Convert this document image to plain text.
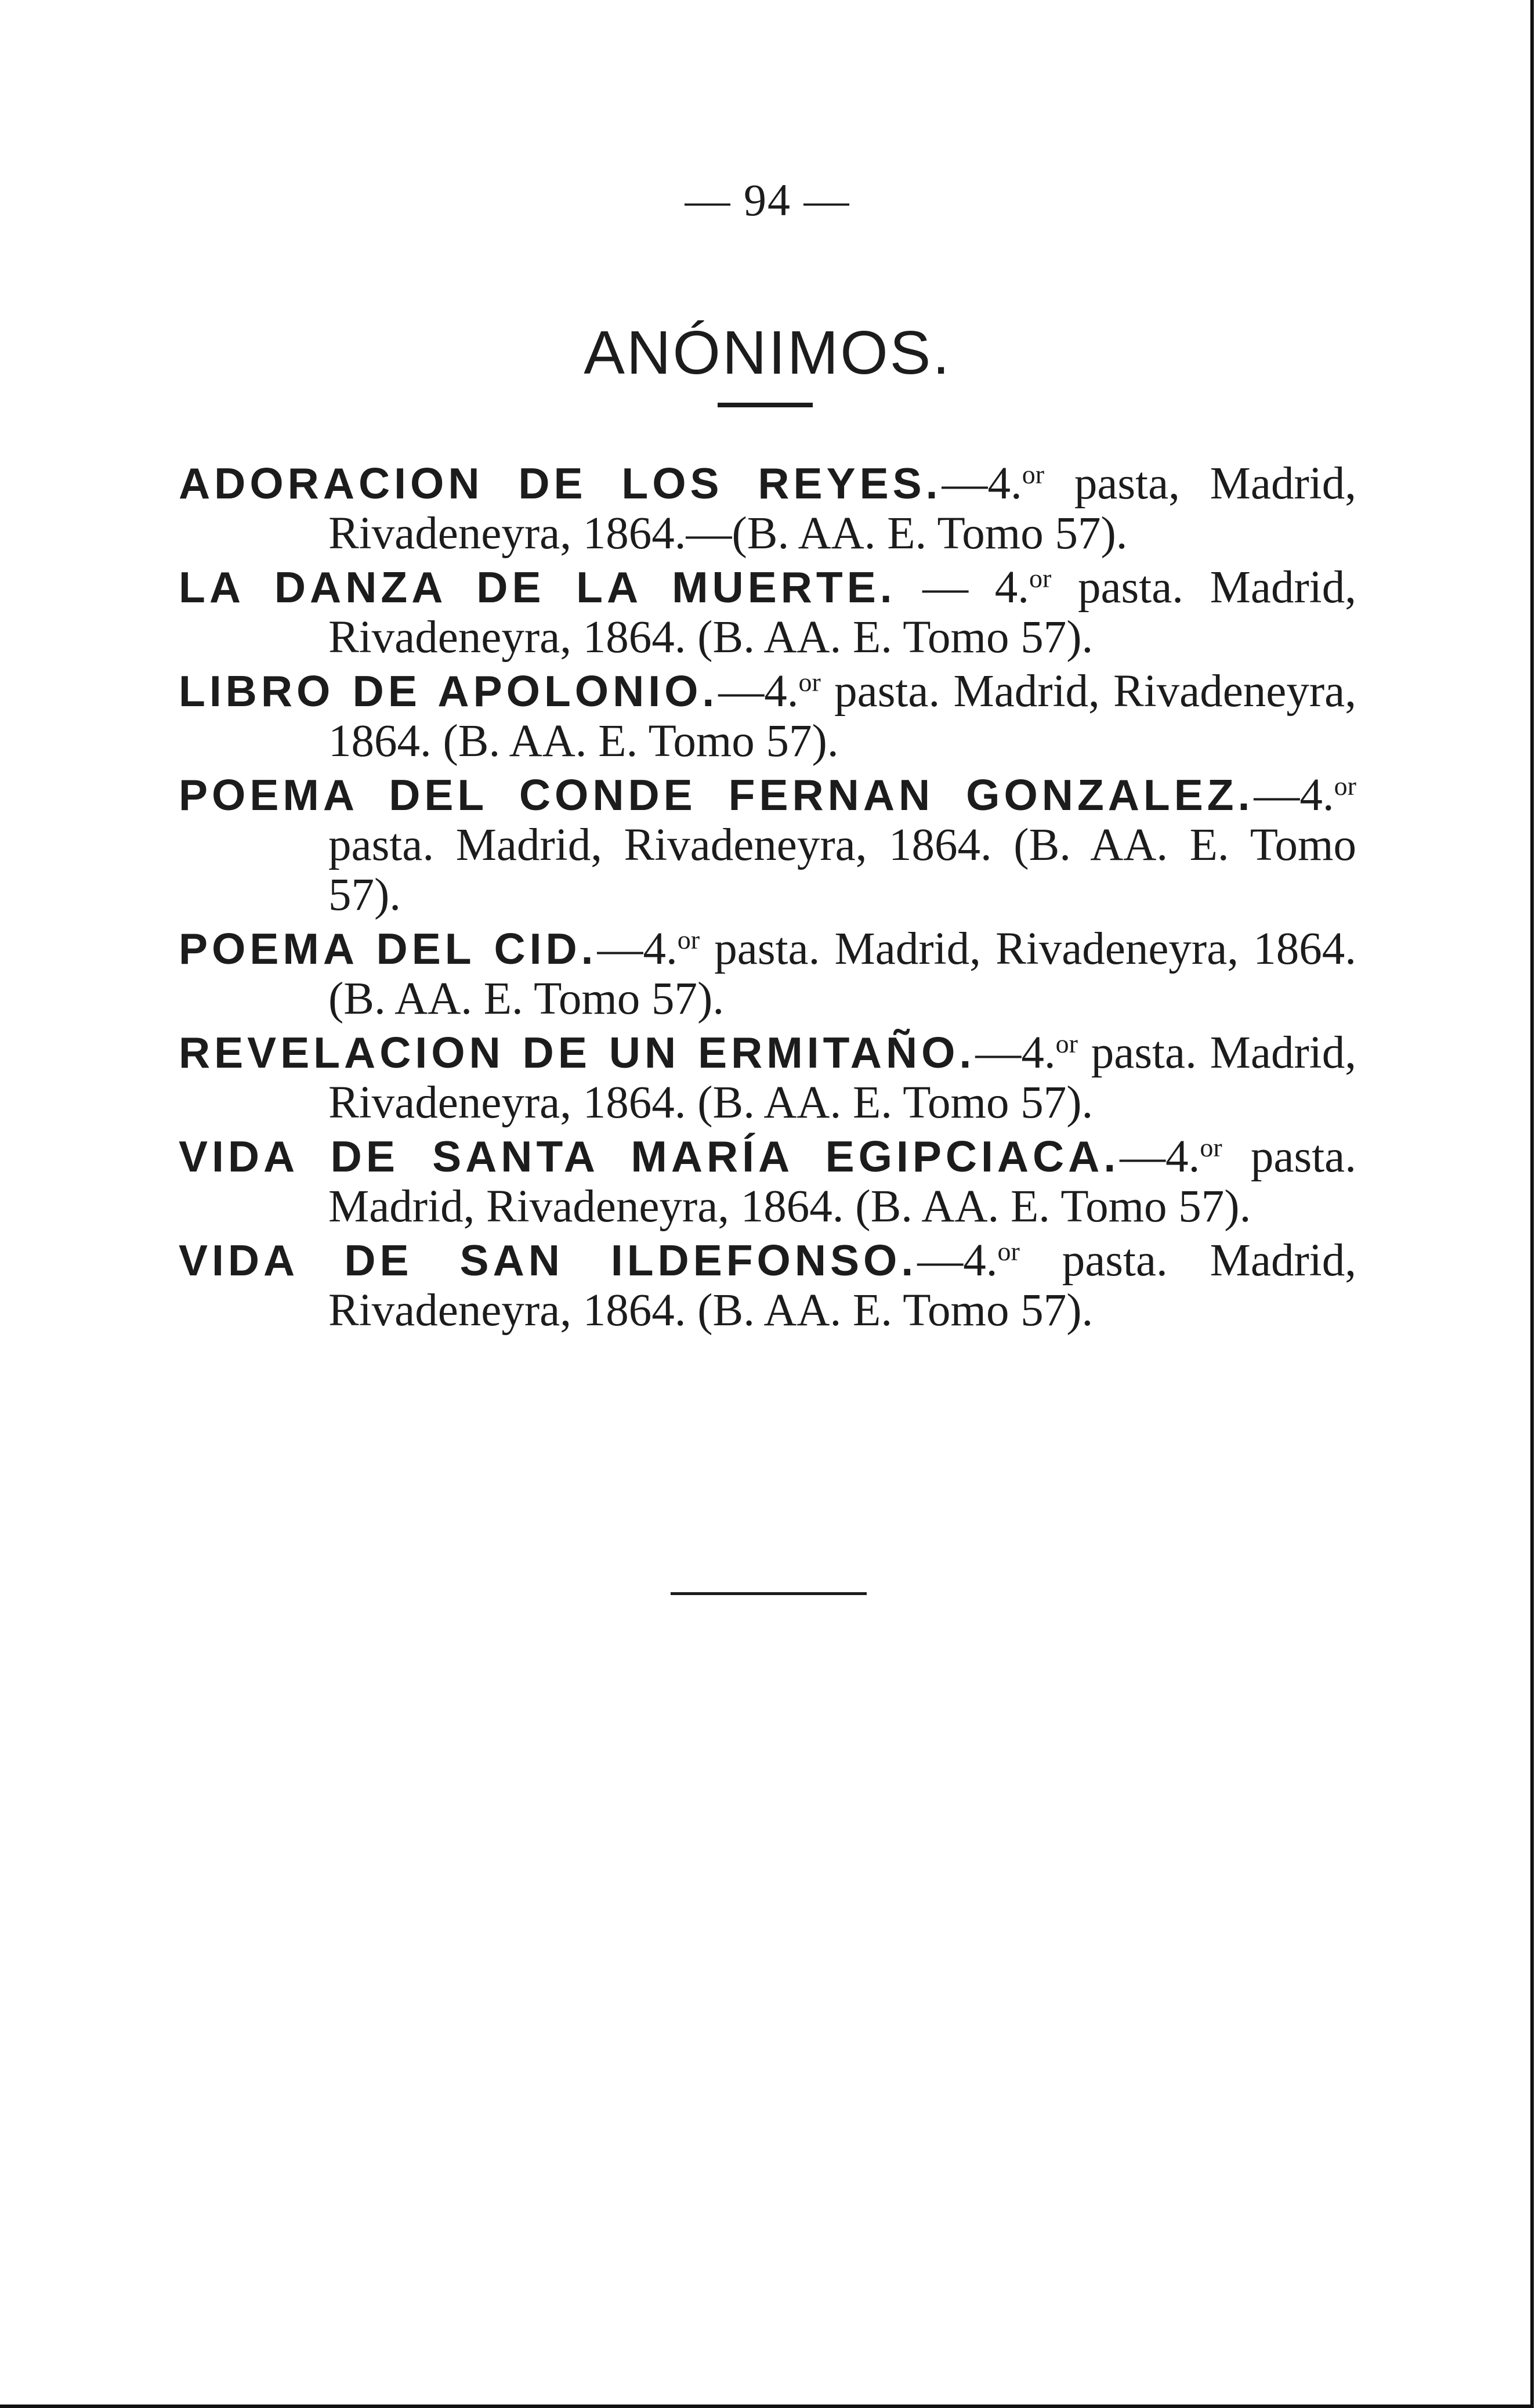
— 94 —
ANÓNIMOS.

ADORACION DE LOS REYES.—4.$^{or}$ pasta, Madrid, Rivadeneyra, 1864.—(B. AA. E. Tomo 57).

LA DANZA DE LA MUERTE. — 4.$^{or}$ pasta. Madrid, Rivadeneyra, 1864. (B. AA. E. Tomo 57).

LIBRO DE APOLONIO.—4.$^{or}$ pasta. Madrid, Rivadeneyra, 1864. (B. AA. E. Tomo 57).

POEMA DEL CONDE FERNAN GONZALEZ.—4.$^{or}$ pasta. Madrid, Rivadeneyra, 1864. (B. AA. E. Tomo 57).

POEMA DEL CID.—4.$^{or}$ pasta. Madrid, Rivadeneyra, 1864. (B. AA. E. Tomo 57).

REVELACION DE UN ERMITAÑO.—4.$^{or}$ pasta. Madrid, Rivadeneyra, 1864. (B. AA. E. Tomo 57).

VIDA DE SANTA MARÍA EGIPCIACA.—4.$^{or}$ pasta. Madrid, Rivadeneyra, 1864. (B. AA. E. Tomo 57).

VIDA DE SAN ILDEFONSO.—4.$^{or}$ pasta. Madrid, Rivadeneyra, 1864. (B. AA. E. Tomo 57).
